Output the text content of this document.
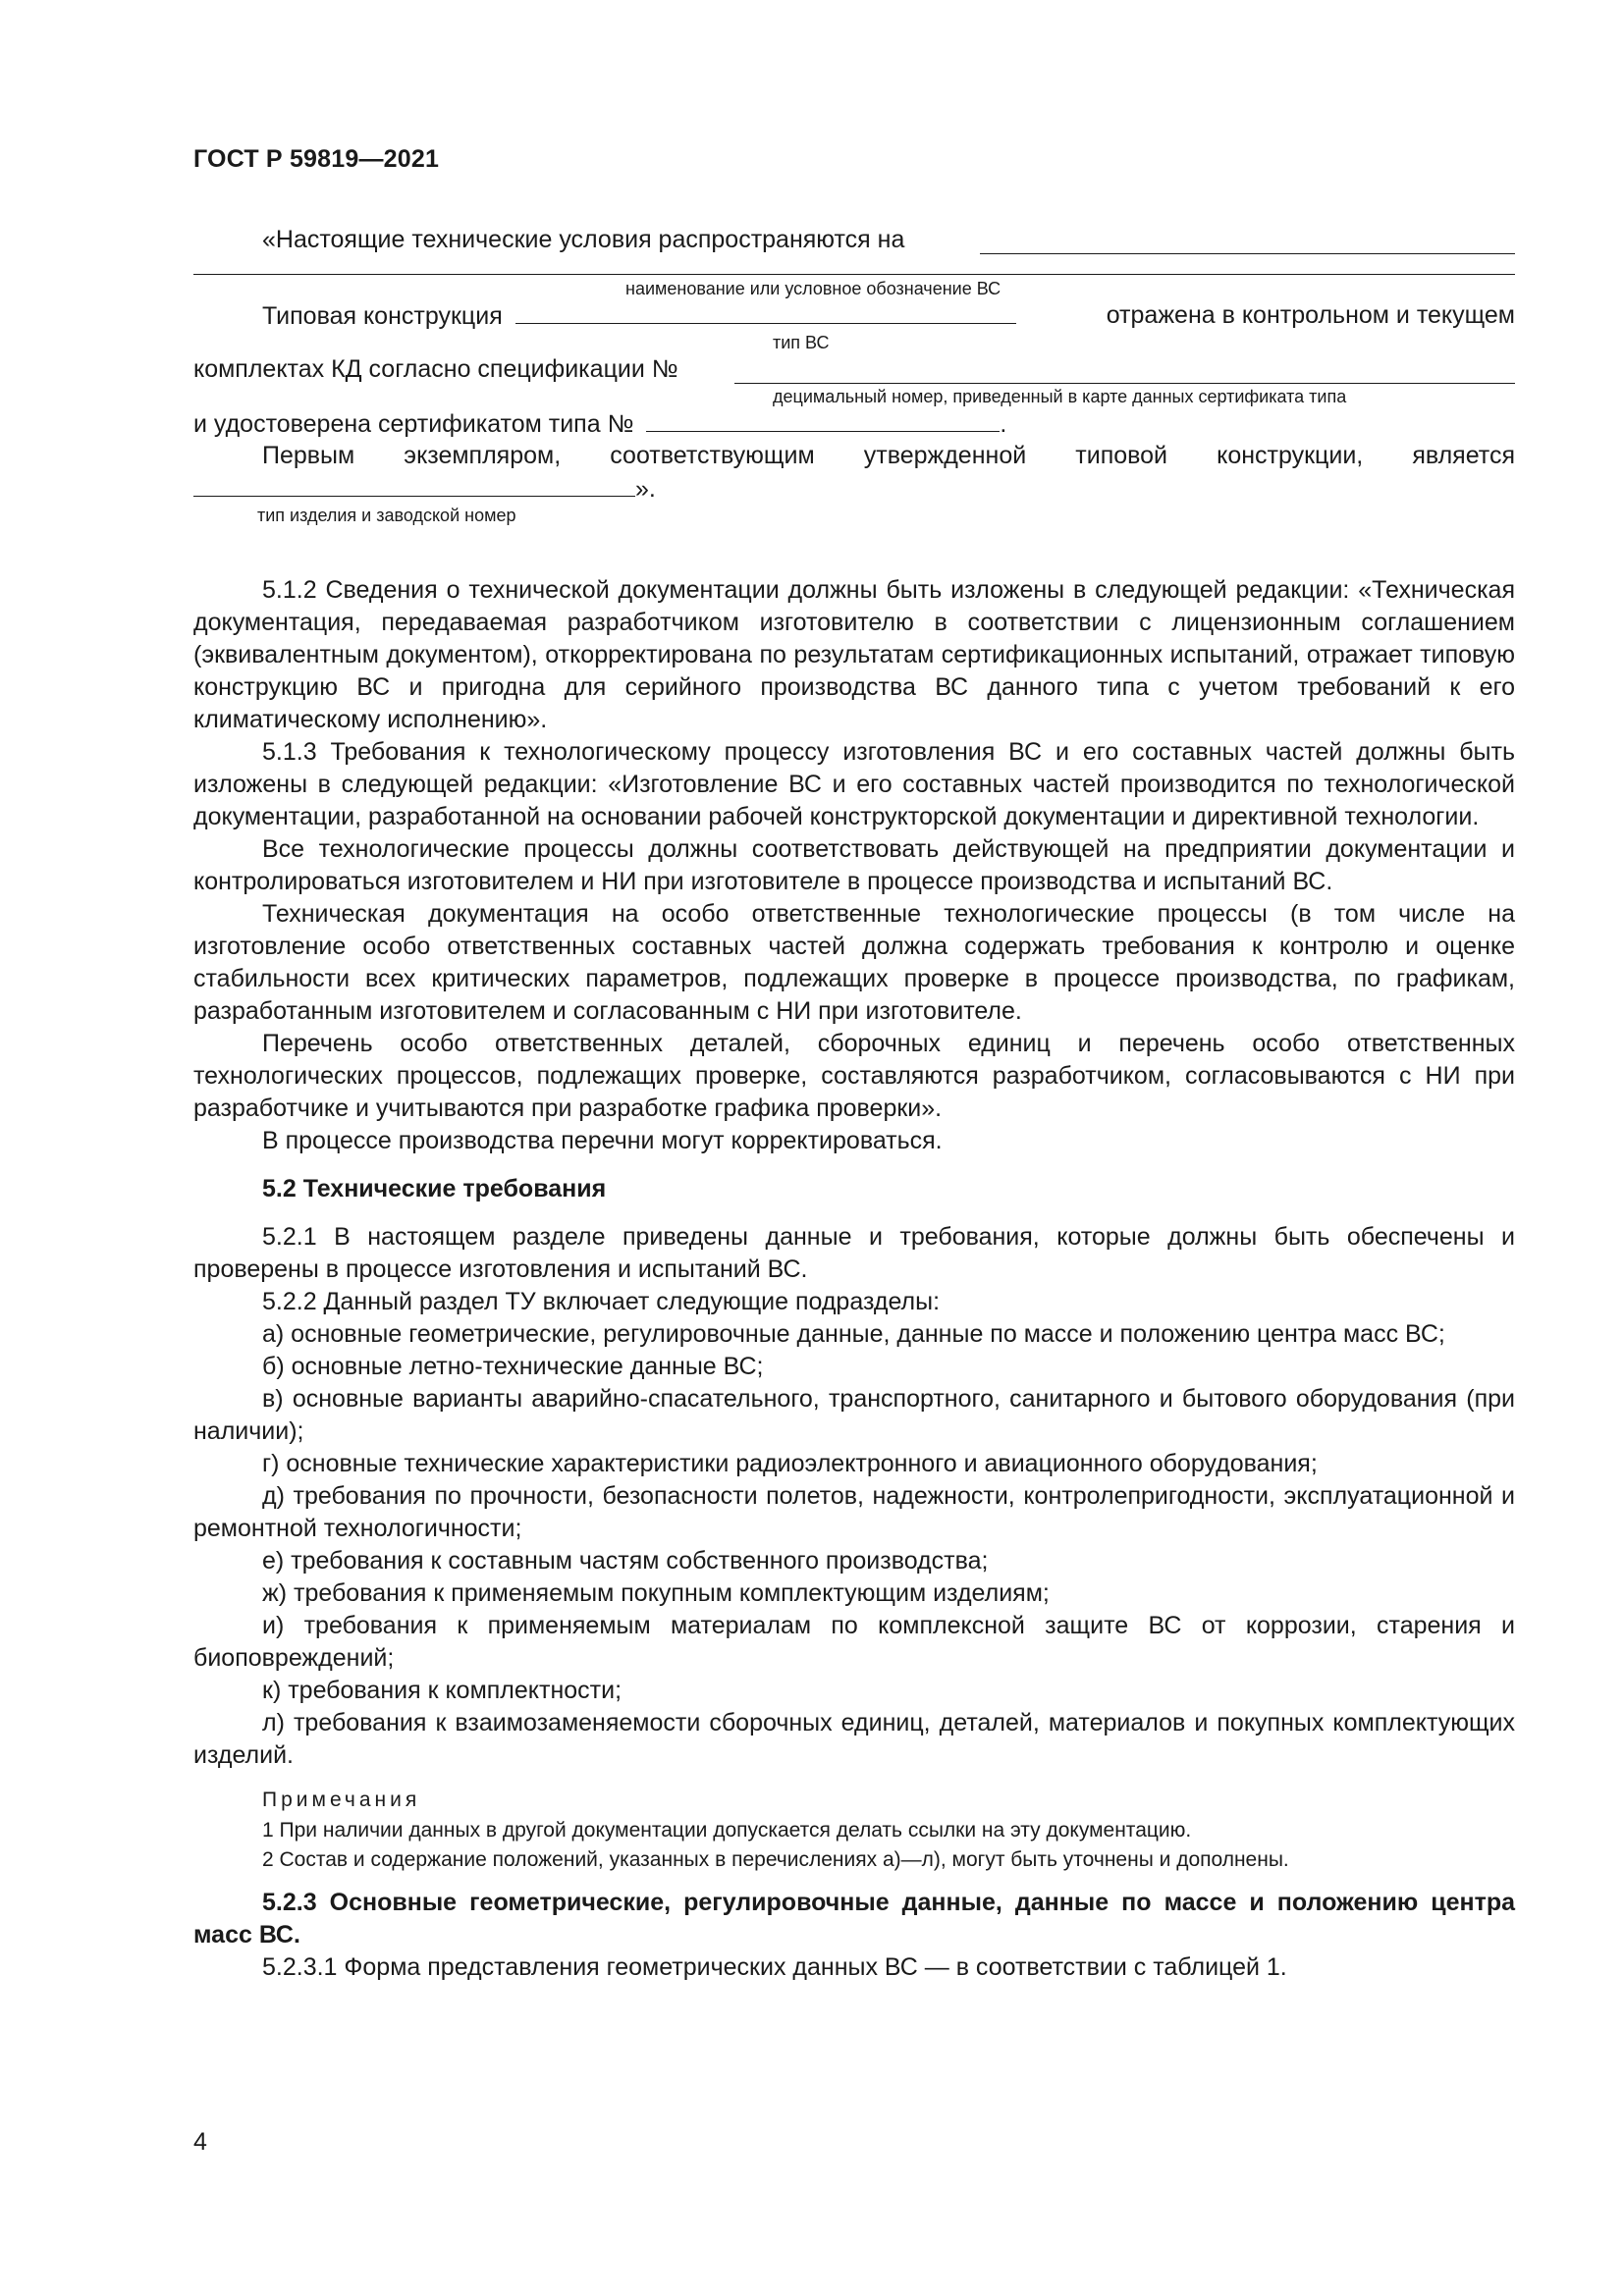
ГОСТ Р 59819—2021
«Настоящие технические условия распространяются на
наименование или условное обозначение ВС
Типовая конструкция	отражена в контрольном и текущем
тип ВС
комплектах КД согласно спецификации №
децимальный номер, приведенный в карте данных сертификата типа
и удостоверена сертификатом типа №	.

Первым экземпляром, соответствующим утвержденной типовой конструкции, является

».
тип изделия и заводской номер

5.1.2 Сведения о технической документации должны быть изложены в следующей редакции: «Техническая документация, передаваемая разработчиком изготовителю в соответствии с лицензионным соглашением (эквивалентным документом), откорректирована по результатам сертификационных испытаний, отражает типовую конструкцию ВС и пригодна для серийного производства ВС данного типа с учетом требований к его климатическому исполнению».

5.1.3 Требования к технологическому процессу изготовления ВС и его составных частей должны быть изложены в следующей редакции: «Изготовление ВС и его составных частей производится по технологической документации, разработанной на основании рабочей конструкторской документации и директивной технологии.

Все технологические процессы должны соответствовать действующей на предприятии документации и контролироваться изготовителем и НИ при изготовителе в процессе производства и испытаний ВС.

Техническая документация на особо ответственные технологические процессы (в том числе на изготовление особо ответственных составных частей должна содержать требования к контролю и оценке стабильности всех критических параметров, подлежащих проверке в процессе производства, по графикам, разработанным изготовителем и согласованным с НИ при изготовителе.

Перечень особо ответственных деталей, сборочных единиц и перечень особо ответственных технологических процессов, подлежащих проверке, составляются разработчиком, согласовываются с НИ при разработчике и учитываются при разработке графика проверки».

В процессе производства перечни могут корректироваться.

5.2 Технические требования

5.2.1 В настоящем разделе приведены данные и требования, которые должны быть обеспечены и проверены в процессе изготовления и испытаний ВС.

5.2.2 Данный раздел ТУ включает следующие подразделы:

а) основные геометрические, регулировочные данные, данные по массе и положению центра масс ВС;

б) основные летно-технические данные ВС;

в) основные варианты аварийно-спасательного, транспортного, санитарного и бытового оборудования (при наличии);

г) основные технические характеристики радиоэлектронного и авиационного оборудования;

д) требования по прочности, безопасности полетов, надежности, контролепригодности, эксплуатационной и ремонтной технологичности;

е) требования к составным частям собственного производства;

ж) требования к применяемым покупным комплектующим изделиям;

и) требования к применяемым материалам по комплексной защите ВС от коррозии, старения и биоповреждений;

к) требования к комплектности;

л) требования к взаимозаменяемости сборочных единиц, деталей, материалов и покупных комплектующих изделий.

Примечания

1 При наличии данных в другой документации допускается делать ссылки на эту документацию.

2 Состав и содержание положений, указанных в перечислениях а)—л), могут быть уточнены и дополнены.

5.2.3 Основные геометрические, регулировочные данные, данные по массе и положению центра масс ВС.

5.2.3.1 Форма представления геометрических данных ВС — в соответствии с таблицей 1.

4
